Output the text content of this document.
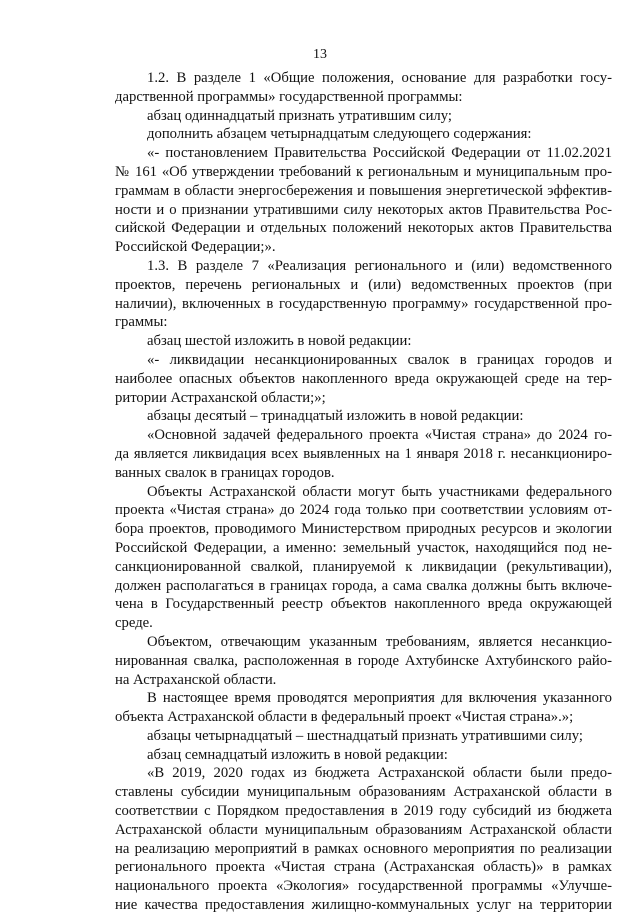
13
1.2. В разделе 1 «Общие положения, основание для разработки госу-
дарственной программы» государственной программы:
абзац одиннадцатый признать утратившим силу;
дополнить абзацем четырнадцатым следующего содержания:
«- постановлением Правительства Российской Федерации от 11.02.2021
№ 161 «Об утверждении требований к региональным и муниципальным про-
граммам в области энергосбережения и повышения энергетической эффектив-
ности и о признании утратившими силу некоторых актов Правительства Рос-
сийской Федерации и отдельных положений некоторых актов Правительства
Российской Федерации;».
1.3. В разделе 7 «Реализация регионального и (или) ведомственного
проектов, перечень региональных и (или) ведомственных проектов (при
наличии), включенных в государственную программу» государственной про-
граммы:
абзац шестой изложить в новой редакции:
«- ликвидации несанкционированных свалок в границах городов и
наиболее опасных объектов накопленного вреда окружающей среде на тер-
ритории Астраханской области;»;
абзацы десятый – тринадцатый изложить в новой редакции:
«Основной задачей федерального проекта «Чистая страна» до 2024 го-
да является ликвидация всех выявленных на 1 января 2018 г. несанкциониро-
ванных свалок в границах городов.
Объекты Астраханской области могут быть участниками федерального
проекта «Чистая страна» до 2024 года только при соответствии условиям от-
бора проектов, проводимого Министерством природных ресурсов и экологии
Российской Федерации, а именно: земельный участок, находящийся под не-
санкционированной свалкой, планируемой к ликвидации (рекультивации),
должен располагаться в границах города, а сама свалка должны быть включе-
чена в Государственный реестр объектов накопленного вреда окружающей
среде.
Объектом, отвечающим указанным требованиям, является несанкцио-
нированная свалка, расположенная в городе Ахтубинске Ахтубинского райо-
на Астраханской области.
В настоящее время проводятся мероприятия для включения указанного
объекта Астраханской области в федеральный проект «Чистая страна».»;
абзацы четырнадцатый – шестнадцатый признать утратившими силу;
абзац семнадцатый изложить в новой редакции:
«В 2019, 2020 годах из бюджета Астраханской области были предо-
ставлены субсидии муниципальным образованиям Астраханской области в
соответствии с Порядком предоставления в 2019 году субсидий из бюджета
Астраханской области муниципальным образованиям Астраханской области
на реализацию мероприятий в рамках основного мероприятия по реализации
регионального проекта «Чистая страна (Астраханская область)» в рамках
национального проекта «Экология» государственной программы «Улучше-
ние качества предоставления жилищно-коммунальных услуг на территории
